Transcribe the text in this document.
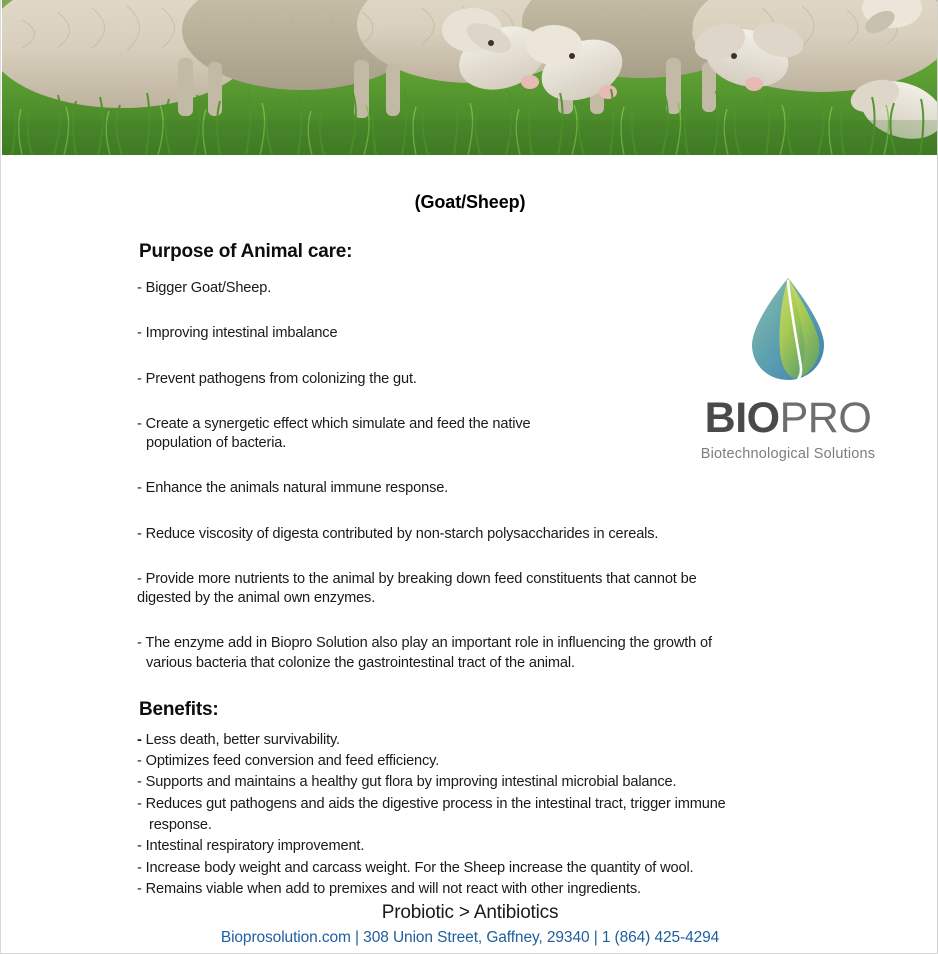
(Goat/Sheep)
Purpose of Animal care:
- Bigger Goat/Sheep.
- Improving intestinal imbalance
- Prevent pathogens from colonizing the gut.
- Create a synergetic effect which simulate and feed the native
population of bacteria.
- Enhance the animals natural immune response.
- Reduce viscosity of digesta contributed by non-starch polysaccharides in cereals.
- Provide more nutrients to the animal by breaking down feed constituents that cannot be
digested by the animal own enzymes.
- The enzyme add in Biopro Solution also play an important role in influencing the growth of
various bacteria that colonize the gastrointestinal tract of the animal.
Benefits:
- Less death, better survivability.
- Optimizes feed conversion and feed efficiency.
- Supports and maintains a healthy gut flora by improving intestinal microbial balance.
- Reduces gut pathogens and aids the digestive process in the intestinal tract, trigger immune
response.
- Intestinal respiratory improvement.
- Increase body weight and carcass weight. For the Sheep increase the quantity of wool.
- Remains viable when add to premixes and will not react with other ingredients.
BIOPRO
Biotechnological Solutions
Probiotic > Antibiotics
Bioprosolution.com | 308 Union Street, Gaffney, 29340 | 1 (864) 425-4294
